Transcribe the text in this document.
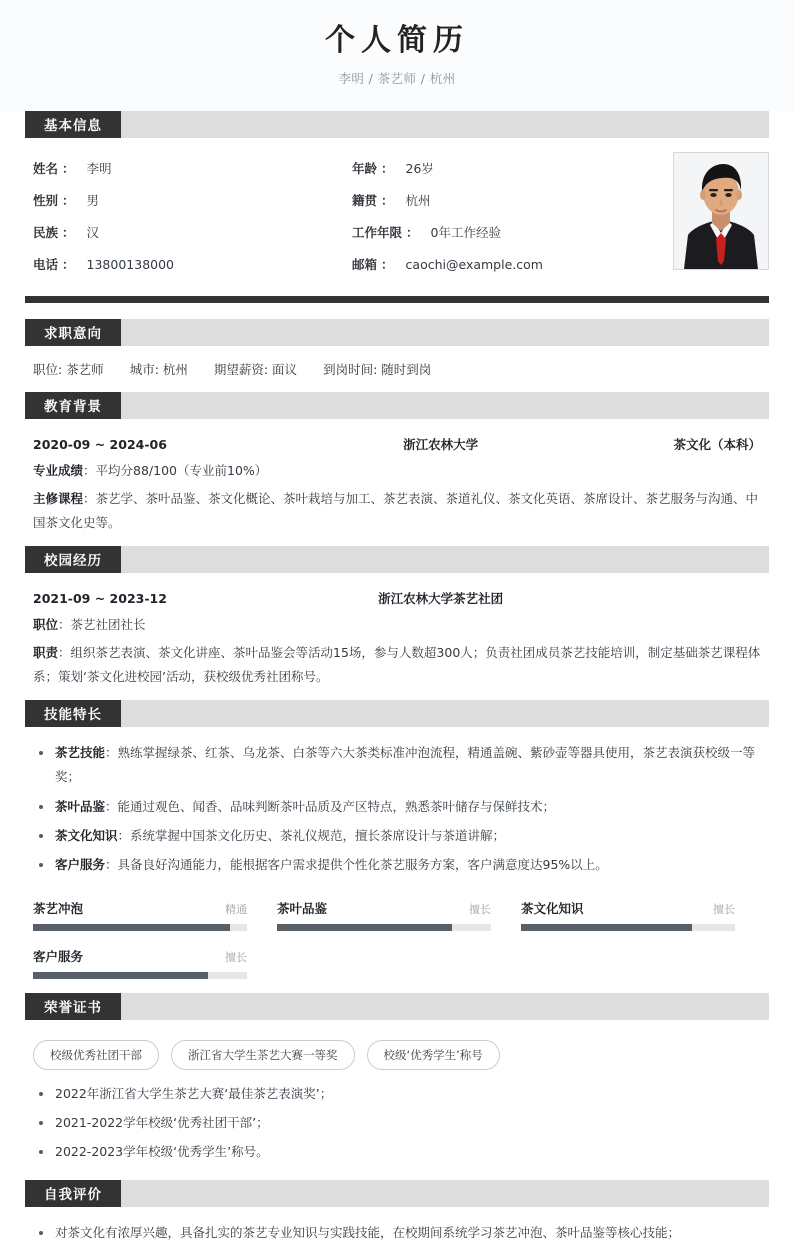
个人简历
李明 / 茶艺师 / 杭州
基本信息
姓名 ： 李明	年龄 ： 26岁
性别 ： 男	籍贯 ： 杭州
民族 ： 汉	工作年限 ： 0年工作经验
电话 ： 13800138000	邮箱 ： caochi@example.com
求职意向
职位: 茶艺师 城市: 杭州 期望薪资: 面议 到岗时间: 随时到岗
教育背景
2020-09 ~ 2024-06	浙江农林大学	茶文化（本科）
专业成绩：平均分88/100（专业前10%）
主修课程：茶艺学、茶叶品鉴、茶文化概论、茶叶栽培与加工、茶艺表演、茶道礼仪、茶文化英语、茶席设计、茶艺服务与沟通、中国茶文化史等。
校园经历
2021-09 ~ 2023-12	浙江农林大学茶艺社团
职位：茶艺社团社长
职责：组织茶艺表演、茶文化讲座、茶叶品鉴会等活动15场，参与人数超300人；负责社团成员茶艺技能培训，制定基础茶艺课程体系；策划‘茶文化进校园’活动，获校级优秀社团称号。
技能特长
茶艺技能：熟练掌握绿茶、红茶、乌龙茶、白茶等六大茶类标准冲泡流程，精通盖碗、紫砂壶等器具使用，茶艺表演获校级一等奖；
茶叶品鉴：能通过观色、闻香、品味判断茶叶品质及产区特点，熟悉茶叶储存与保鲜技术；
茶文化知识：系统掌握中国茶文化历史、茶礼仪规范，擅长茶席设计与茶道讲解；
客户服务：具备良好沟通能力，能根据客户需求提供个性化茶艺服务方案，客户满意度达95%以上。
茶艺冲泡	精通 茶叶品鉴	擅长 茶文化知识	擅长
客户服务	擅长
荣誉证书
校级优秀社团干部	浙江省大学生茶艺大赛一等奖	校级‘优秀学生’称号
2022年浙江省大学生茶艺大赛‘最佳茶艺表演奖’；
2021-2022学年校级‘优秀社团干部’；
2022-2023学年校级‘优秀学生’称号。
自我评价
对茶文化有浓厚兴趣，具备扎实的茶艺专业知识与实践技能，在校期间系统学习茶艺冲泡、茶叶品鉴等核心技能；
